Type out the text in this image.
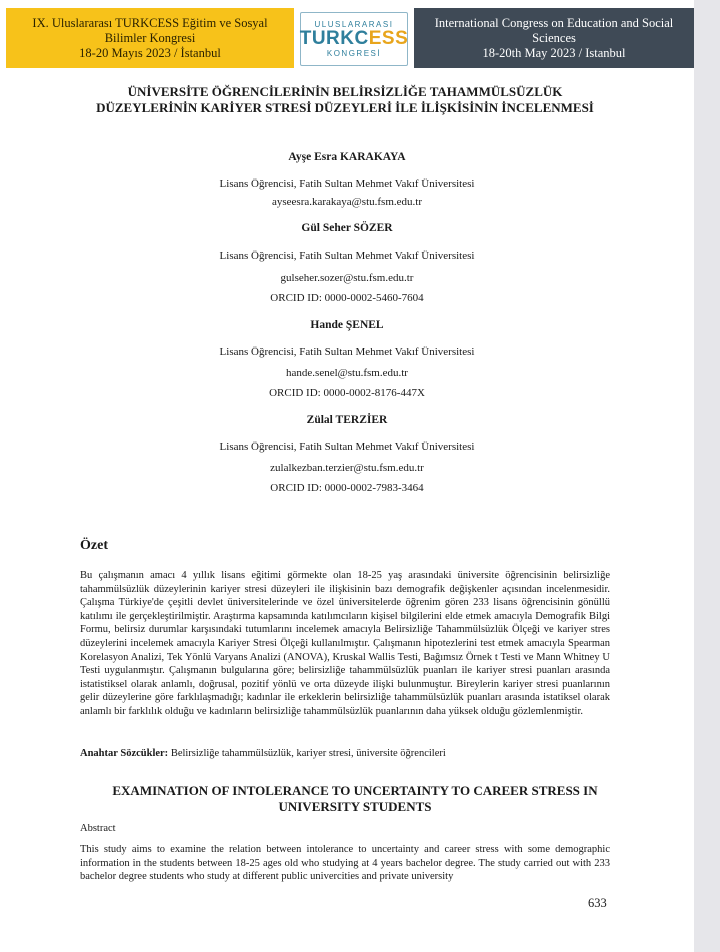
IX. Uluslararası TURKCESS Eğitim ve Sosyal
Bilimler Kongresi
18-20 Mayıs 2023 / İstanbul
ULUSLARARASI
TURKCESS
KONGRESİ
International Congress on Education and Social
Sciences
18-20th May 2023 / Istanbul
ÜNİVERSİTE ÖĞRENCİLERİNİN BELİRSİZLİĞE TAHAMMÜLSÜZLÜK DÜZEYLERİNİN KARİYER STRESİ DÜZEYLERİ İLE İLİŞKİSİNİN İNCELENMESİ
Ayşe Esra KARAKAYA
Lisans Öğrencisi, Fatih Sultan Mehmet Vakıf Üniversitesi
ayseesra.karakaya@stu.fsm.edu.tr
Gül Seher SÖZER
Lisans Öğrencisi, Fatih Sultan Mehmet Vakıf Üniversitesi
gulseher.sozer@stu.fsm.edu.tr
ORCID ID: 0000-0002-5460-7604
Hande ŞENEL
Lisans Öğrencisi, Fatih Sultan Mehmet Vakıf Üniversitesi
hande.senel@stu.fsm.edu.tr
ORCID ID: 0000-0002-8176-447X
Zülal TERZİER
Lisans Öğrencisi, Fatih Sultan Mehmet Vakıf Üniversitesi
zulalkezban.terzier@stu.fsm.edu.tr
ORCID ID: 0000-0002-7983-3464
Özet
Bu çalışmanın amacı 4 yıllık lisans eğitimi görmekte olan 18-25 yaş arasındaki üniversite öğrencisinin belirsizliğe tahammülsüzlük düzeylerinin kariyer stresi düzeyleri ile ilişkisinin bazı demografik değişkenler açısından incelenmesidir. Çalışma Türkiye'de çeşitli devlet üniversitelerinde ve özel üniversitelerde öğrenim gören 233 lisans öğrencisinin gönüllü katılımı ile gerçekleştirilmiştir. Araştırma kapsamında katılımcıların kişisel bilgilerini elde etmek amacıyla Demografik Bilgi Formu, belirsiz durumlar karşısındaki tutumlarını incelemek amacıyla Belirsizliğe Tahammülsüzlük Ölçeği ve kariyer stres düzeylerini incelemek amacıyla Kariyer Stresi Ölçeği kullanılmıştır. Çalışmanın hipotezlerini test etmek amacıyla Spearman Korelasyon Analizi, Tek Yönlü Varyans Analizi (ANOVA), Kruskal Wallis Testi, Bağımsız Örnek t Testi ve Mann Whitney U Testi uygulanmıştır. Çalışmanın bulgularına göre; belirsizliğe tahammülsüzlük puanları ile kariyer stresi puanları arasında istatistiksel olarak anlamlı, doğrusal, pozitif yönlü ve orta düzeyde ilişki bulunmuştur. Bireylerin kariyer stresi puanlarının gelir düzeylerine göre farklılaşmadığı; kadınlar ile erkeklerin belirsizliğe tahammülsüzlük puanları arasında istatiksel olarak anlamlı bir farklılık olduğu ve kadınların belirsizliğe tahammülsüzlük puanlarının daha yüksek olduğu gözlemlenmiştir.
Anahtar Sözcükler: Belirsizliğe tahammülsüzlük, kariyer stresi, üniversite öğrencileri
EXAMINATION OF INTOLERANCE TO UNCERTAINTY TO CAREER STRESS IN UNIVERSITY STUDENTS
Abstract
This study aims to examine the relation between intolerance to uncertainty and career stress with some demographic information in the students between 18-25 ages old who studying at 4 years bachelor degree. The study carried out with 233 bachelor degree students who study at different public univercities and private university
633
